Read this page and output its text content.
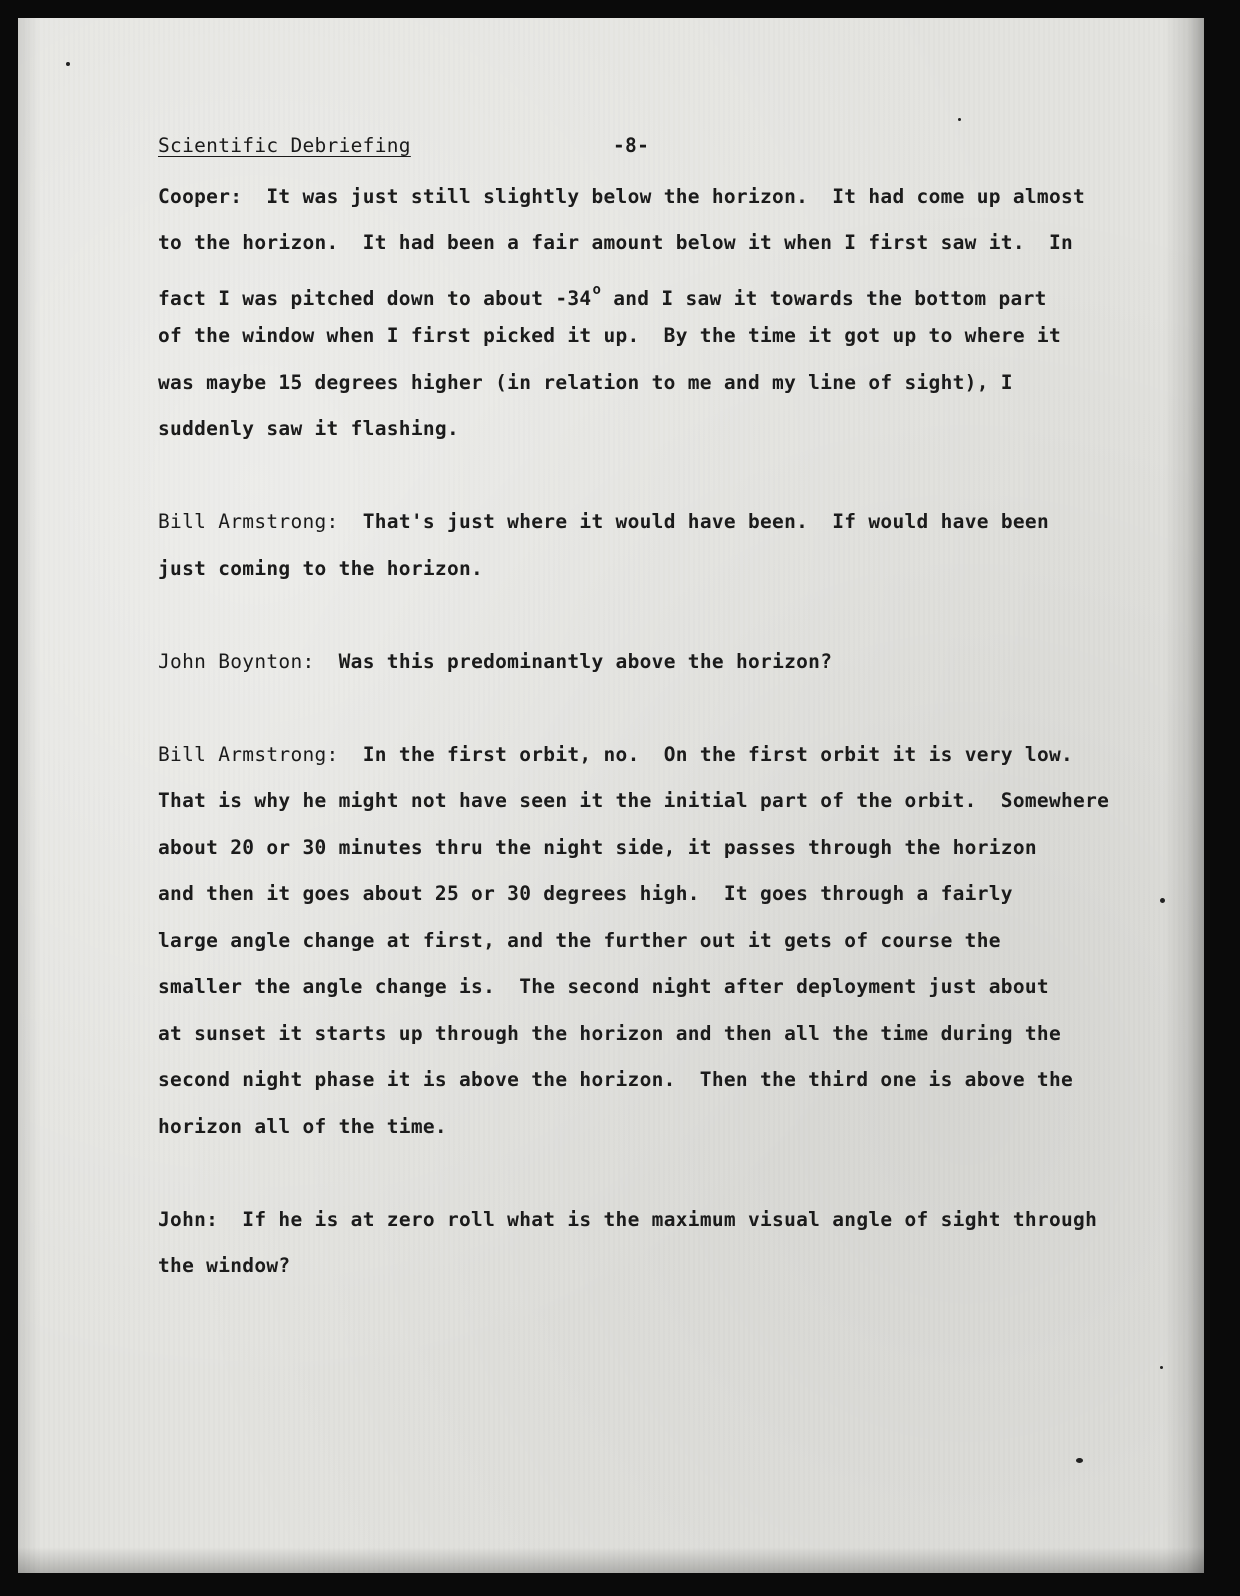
Scientific Debriefing	-8-
Cooper: It was just still slightly below the horizon.  It had come up almost
to the horizon.  It had been a fair amount below it when I first saw it.  In
fact I was pitched down to about -34o and I saw it towards the bottom part
of the window when I first picked it up.  By the time it got up to where it
was maybe 15 degrees higher (in relation to me and my line of sight), I
suddenly saw it flashing.
Bill Armstrong: That's just where it would have been.  If would have been
just coming to the horizon.
John Boynton: Was this predominantly above the horizon?
Bill Armstrong: In the first orbit, no.  On the first orbit it is very low.
That is why he might not have seen it the initial part of the orbit.  Somewhere
about 20 or 30 minutes thru the night side, it passes through the horizon
and then it goes about 25 or 30 degrees high.  It goes through a fairly
large angle change at first, and the further out it gets of course the
smaller the angle change is.  The second night after deployment just about
at sunset it starts up through the horizon and then all the time during the
second night phase it is above the horizon.  Then the third one is above the
horizon all of the time.
John: If he is at zero roll what is the maximum visual angle of sight through
the window?
